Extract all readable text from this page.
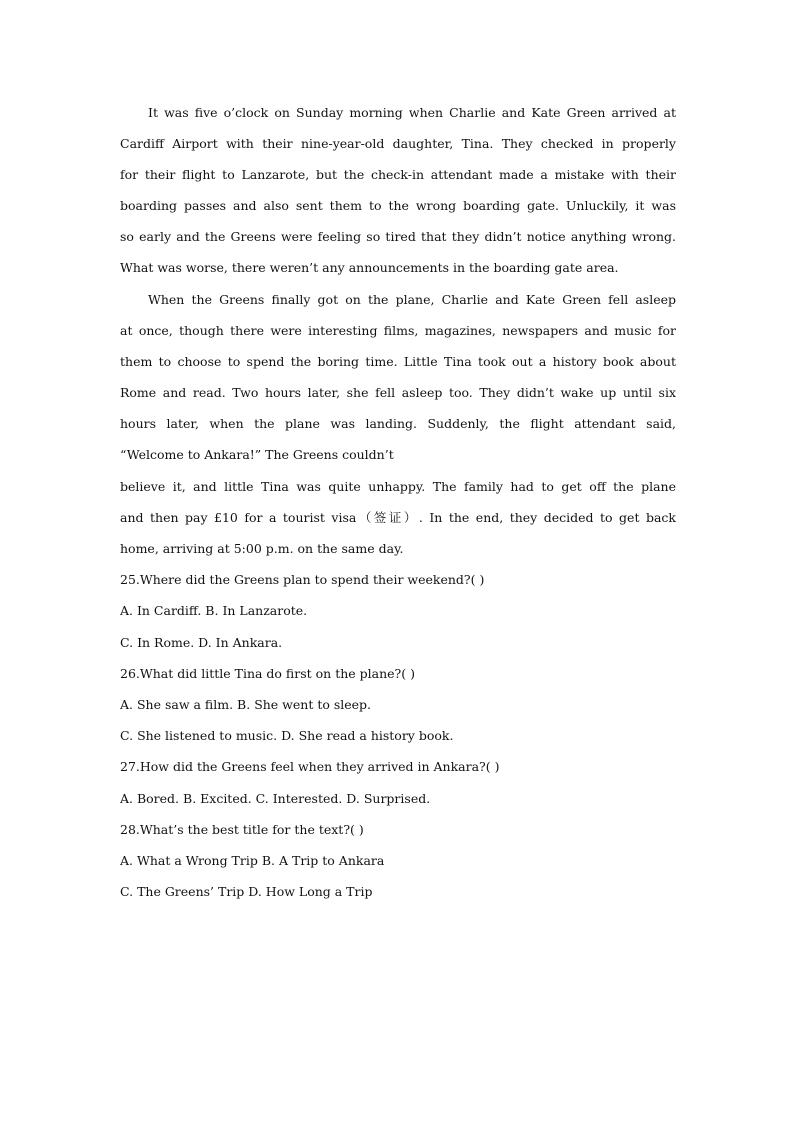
It was five o’clock on Sunday morning when Charlie and Kate Green arrived at
Cardiff Airport with their nine-year-old daughter, Tina. They checked in properly
for their flight to Lanzarote, but the check-in attendant made a mistake with their
boarding passes and also sent them to the wrong boarding gate. Unluckily, it was
so early and the Greens were feeling so tired that they didn’t notice anything wrong.
What was worse, there weren’t any announcements in the boarding gate area.
When the Greens finally got on the plane, Charlie and Kate Green fell asleep
at once, though there were interesting films, magazines, newspapers and music for
them to choose to spend the boring time. Little Tina took out a history book about
Rome and read. Two hours later, she fell asleep too. They didn’t wake up until six
hours later, when the plane was landing. Suddenly, the flight attendant said,
“Welcome to Ankara!” The Greens couldn’t
believe it, and little Tina was quite unhappy. The family had to get off the plane
and then pay £10 for a tourist visa（签证）. In the end, they decided to get back
home, arriving at 5:00 p.m. on the same day.
25.Where did the Greens plan to spend their weekend?( )
A. In Cardiff. B. In Lanzarote.
C. In Rome. D. In Ankara.
26.What did little Tina do first on the plane?( )
A. She saw a film. B. She went to sleep.
C. She listened to music. D. She read a history book.
27.How did the Greens feel when they arrived in Ankara?( )
A. Bored. B. Excited. C. Interested. D. Surprised.
28.What’s the best title for the text?( )
A. What a Wrong Trip B. A Trip to Ankara
C. The Greens’ Trip D. How Long a Trip
